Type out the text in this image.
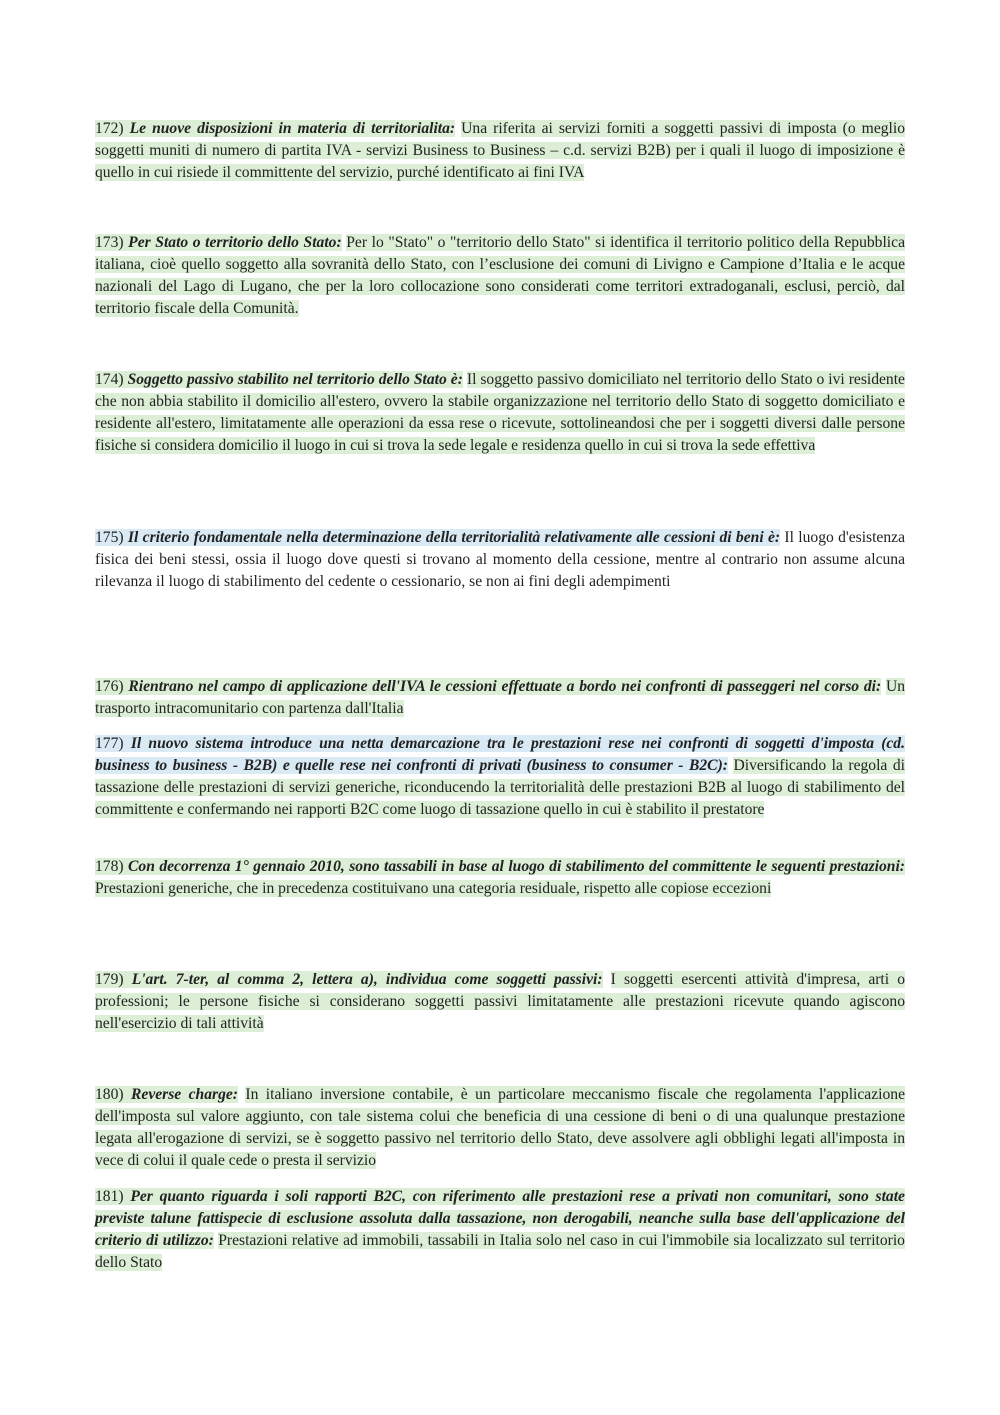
172) Le nuove disposizioni in materia di territorialita: Una riferita ai servizi forniti a soggetti passivi di imposta (o meglio soggetti muniti di numero di partita IVA - servizi Business to Business – c.d. servizi B2B) per i quali il luogo di imposizione è quello in cui risiede il committente del servizio, purché identificato ai fini IVA

173) Per Stato o territorio dello Stato: Per lo "Stato" o "territorio dello Stato" si identifica il territorio politico della Repubblica italiana, cioè quello soggetto alla sovranità dello Stato, con l’esclusione dei comuni di Livigno e Campione d’Italia e le acque nazionali del Lago di Lugano, che per la loro collocazione sono considerati come territori extradoganali, esclusi, perciò, dal territorio fiscale della Comunità.

174) Soggetto passivo stabilito nel territorio dello Stato è: Il soggetto passivo domiciliato nel territorio dello Stato o ivi residente che non abbia stabilito il domicilio all'estero, ovvero la stabile organizzazione nel territorio dello Stato di soggetto domiciliato e residente all'estero, limitatamente alle operazioni da essa rese o ricevute, sottolineandosi che per i soggetti diversi dalle persone fisiche si considera domicilio il luogo in cui si trova la sede legale e residenza quello in cui si trova la sede effettiva

175) Il criterio fondamentale nella determinazione della territorialità relativamente alle cessioni di beni è: Il luogo d'esistenza fisica dei beni stessi, ossia il luogo dove questi si trovano al momento della cessione, mentre al contrario non assume alcuna rilevanza il luogo di stabilimento del cedente o cessionario, se non ai fini degli adempimenti

176) Rientrano nel campo di applicazione dell'IVA le cessioni effettuate a bordo nei confronti di passeggeri nel corso di: Un trasporto intracomunitario con partenza dall'Italia

177) Il nuovo sistema introduce una netta demarcazione tra le prestazioni rese nei confronti di soggetti d'imposta (cd. business to business - B2B) e quelle rese nei confronti di privati (business to consumer - B2C): Diversificando la regola di tassazione delle prestazioni di servizi generiche, riconducendo la territorialità delle prestazioni B2B al luogo di stabilimento del committente e confermando nei rapporti B2C come luogo di tassazione quello in cui è stabilito il prestatore

178) Con decorrenza 1° gennaio 2010, sono tassabili in base al luogo di stabilimento del committente le seguenti prestazioni: Prestazioni generiche, che in precedenza costituivano una categoria residuale, rispetto alle copiose eccezioni

179) L'art. 7-ter, al comma 2, lettera a), individua come soggetti passivi: I soggetti esercenti attività d'impresa, arti o professioni; le persone fisiche si considerano soggetti passivi limitatamente alle prestazioni ricevute quando agiscono nell'esercizio di tali attività

180) Reverse charge: In italiano inversione contabile, è un particolare meccanismo fiscale che regolamenta l'applicazione dell'imposta sul valore aggiunto, con tale sistema colui che beneficia di una cessione di beni o di una qualunque prestazione legata all'erogazione di servizi, se è soggetto passivo nel territorio dello Stato, deve assolvere agli obblighi legati all'imposta in vece di colui il quale cede o presta il servizio

181) Per quanto riguarda i soli rapporti B2C, con riferimento alle prestazioni rese a privati non comunitari, sono state previste talune fattispecie di esclusione assoluta dalla tassazione, non derogabili, neanche sulla base dell'applicazione del criterio di utilizzo: Prestazioni relative ad immobili, tassabili in Italia solo nel caso in cui l'immobile sia localizzato sul territorio dello Stato
